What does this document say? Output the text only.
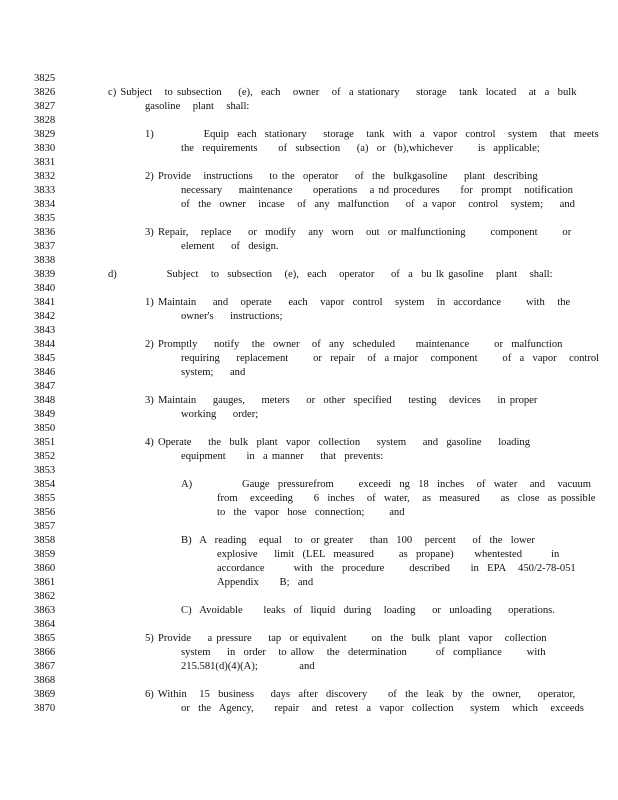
3825
3826	c) Subject   to subsection    (e),  each   owner   of  a stationary    storage   tank  located   at  a  bulk
3827	gasoline   plant   shall:
3828
3829	1)            Equip  each  stationary    storage   tank  with  a  vapor  control   system   that  meets
3830	the  requirements     of  subsection    (a)  or  (b),whichever      is  applicable;
3831
3832	2) Provide   instructions    to the  operator    of  the  bulkgasoline    plant  describing
3833	necessary    maintenance     operations   a nd procedures     for  prompt   notification
3834	of  the  owner   incase   of  any  malfunction    of  a vapor   control   system;    and
3835
3836	3) Repair,   replace    or  modify   any  worn   out  or malfunctioning      component      or
3837	element    of  design.
3838
3839	d)            Subject   to  subsection   (e),  each   operator    of  a  bu lk gasoline   plant   shall:
3840
3841	1) Maintain    and   operate    each   vapor  control   system   in  accordance      with   the
3842	owner's    instructions;
3843
3844	2) Promptly    notify   the  owner   of  any  scheduled     maintenance      or  malfunction
3845	requiring    replacement      or  repair   of  a major   component      of  a  vapor   control
3846	system;    and
3847
3848	3) Maintain    gauges,    meters    or  other  specified    testing   devices    in proper
3849	working    order;
3850
3851	4) Operate    the  bulk  plant  vapor  collection    system    and  gasoline    loading
3852	equipment     in  a manner    that  prevents:
3853
3854	A)            Gauge  pressurefrom      exceedi  ng  18  inches   of  water   and   vacuum
3855	from   exceeding     6  inches   of  water,   as  measured     as  close  as possible
3856	to  the  vapor  hose  connection;      and
3857
3858	B)  A  reading   equal   to  or greater    than  100   percent    of  the  lower
3859	explosive    limit  (LEL  measured      as  propane)     whentested       in
3860	accordance       with  the  procedure      described     in  EPA   450/2-78-051
3861	Appendix     B;  and
3862
3863	C)  Avoidable     leaks  of  liquid  during   loading    or  unloading    operations.
3864
3865	5) Provide    a pressure    tap  or equivalent      on  the  bulk  plant  vapor   collection
3866	system    in  order   to allow   the  determination       of  compliance      with
3867	215.581(d)(4)(A);          and
3868
3869	6) Within   15  business    days  after  discovery     of  the  leak  by  the  owner,    operator,
3870	or  the  Agency,     repair   and  retest  a  vapor  collection    system   which   exceeds
